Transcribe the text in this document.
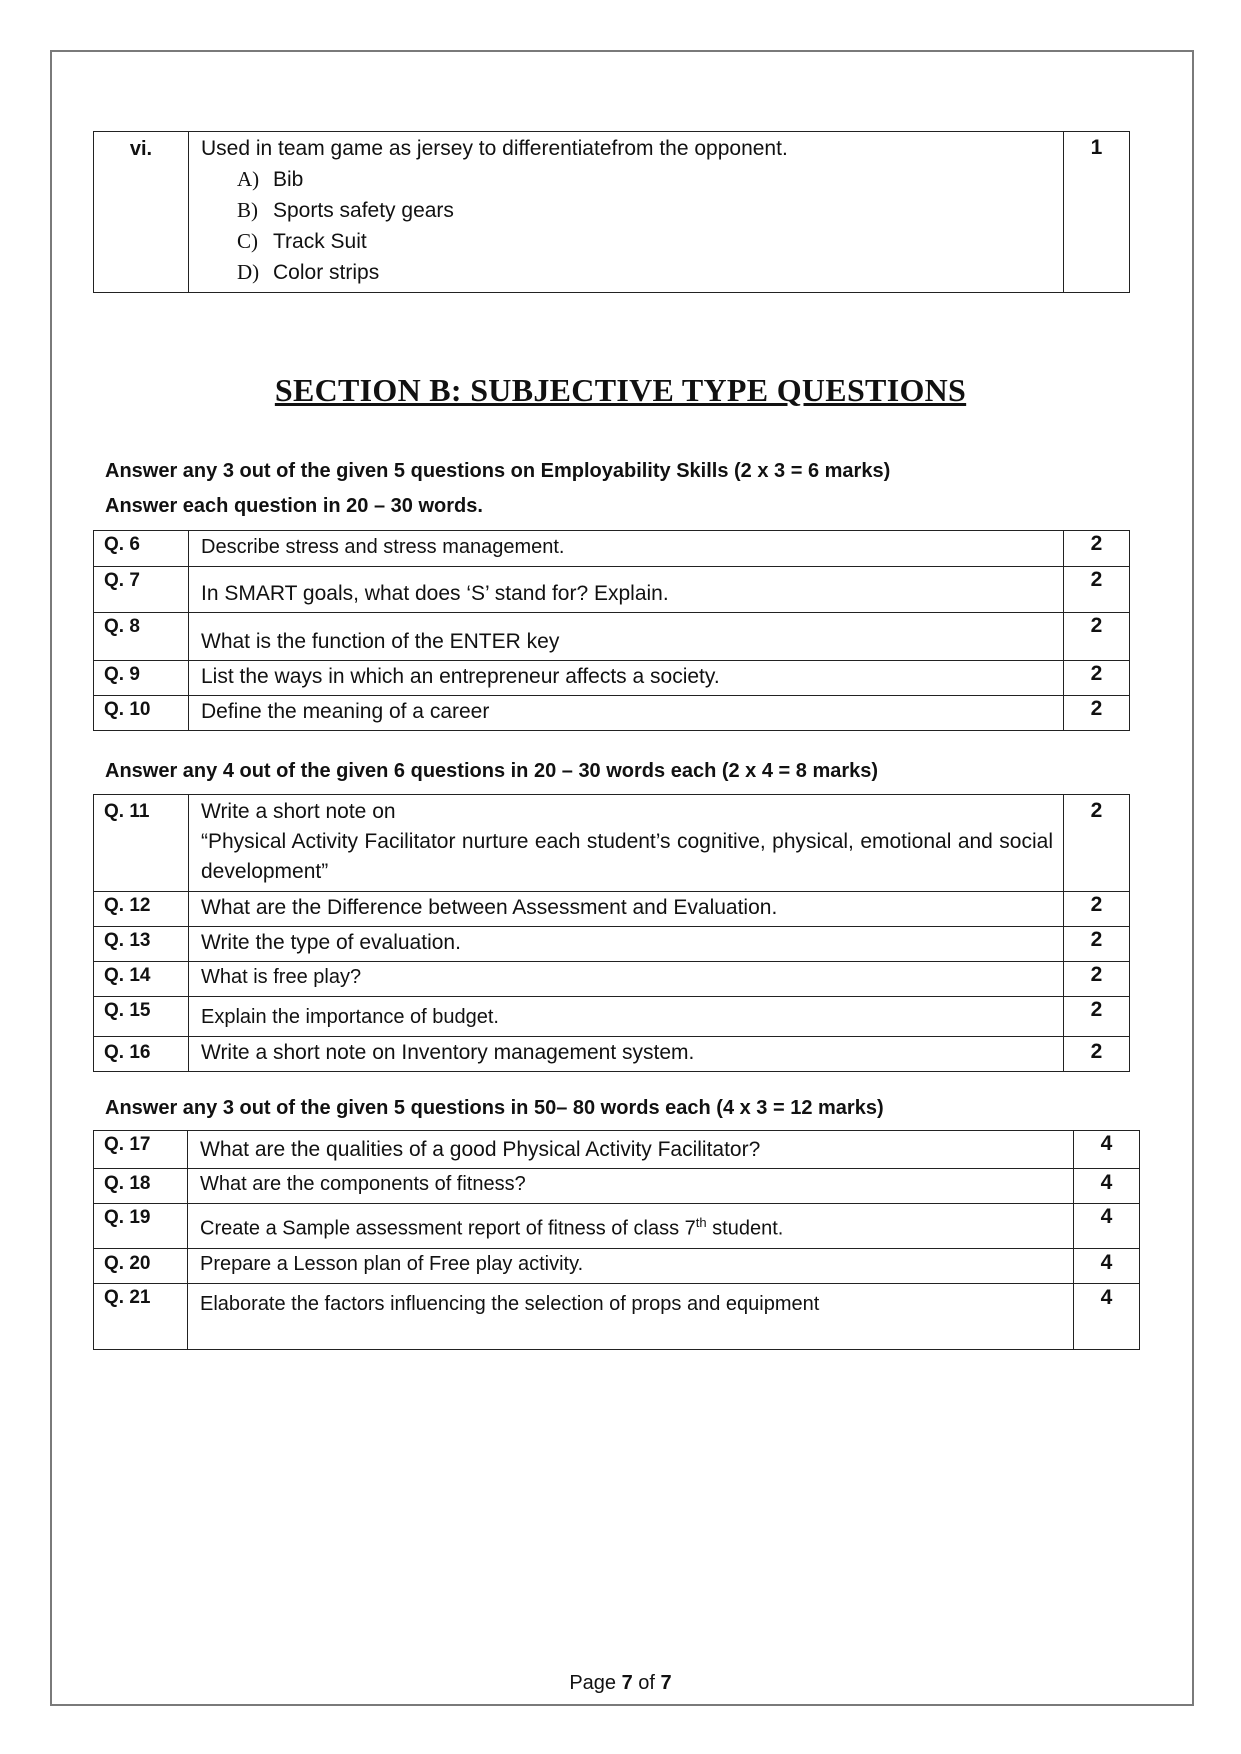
vi.	Used in team game as jersey to differentiatefrom the opponent.
A) Bib
B) Sports safety gears
C) Track Suit
D) Color strips
	1
SECTION B: SUBJECTIVE TYPE QUESTIONS
Answer any 3 out of the given 5 questions on Employability Skills (2 x 3 = 6 marks)
Answer each question in 20 – 30 words.
Q. 6	Describe stress and stress management.	2
Q. 7	In SMART goals, what does ‘S’ stand for? Explain.	2
Q. 8	What is the function of the ENTER key	2
Q. 9	List the ways in which an entrepreneur affects a society.	2
Q. 10	Define the meaning of a career	2
Answer any 4 out of the given 6 questions in 20 – 30 words each (2 x 4 = 8 marks)
Q. 11	Write a short note on
“Physical Activity Facilitator nurture each student’s cognitive, physical, emotional and social development”	2
Q. 12	What are the Difference between Assessment and Evaluation.	2
Q. 13	Write the type of evaluation.	2
Q. 14	What is free play?	2
Q. 15	Explain the importance of budget.	2
Q. 16	Write a short note on Inventory management system.	2
Answer any 3 out of the given 5 questions in 50– 80 words each (4 x 3 = 12 marks)
Q. 17	What are the qualities of a good Physical Activity Facilitator?	4
Q. 18	What are the components of fitness?	4
Q. 19	Create a Sample assessment report of fitness of class 7th student.	4
Q. 20	Prepare a Lesson plan of Free play activity.	4
Q. 21	Elaborate the factors influencing the selection of props and equipment	4
Page 7 of 7
